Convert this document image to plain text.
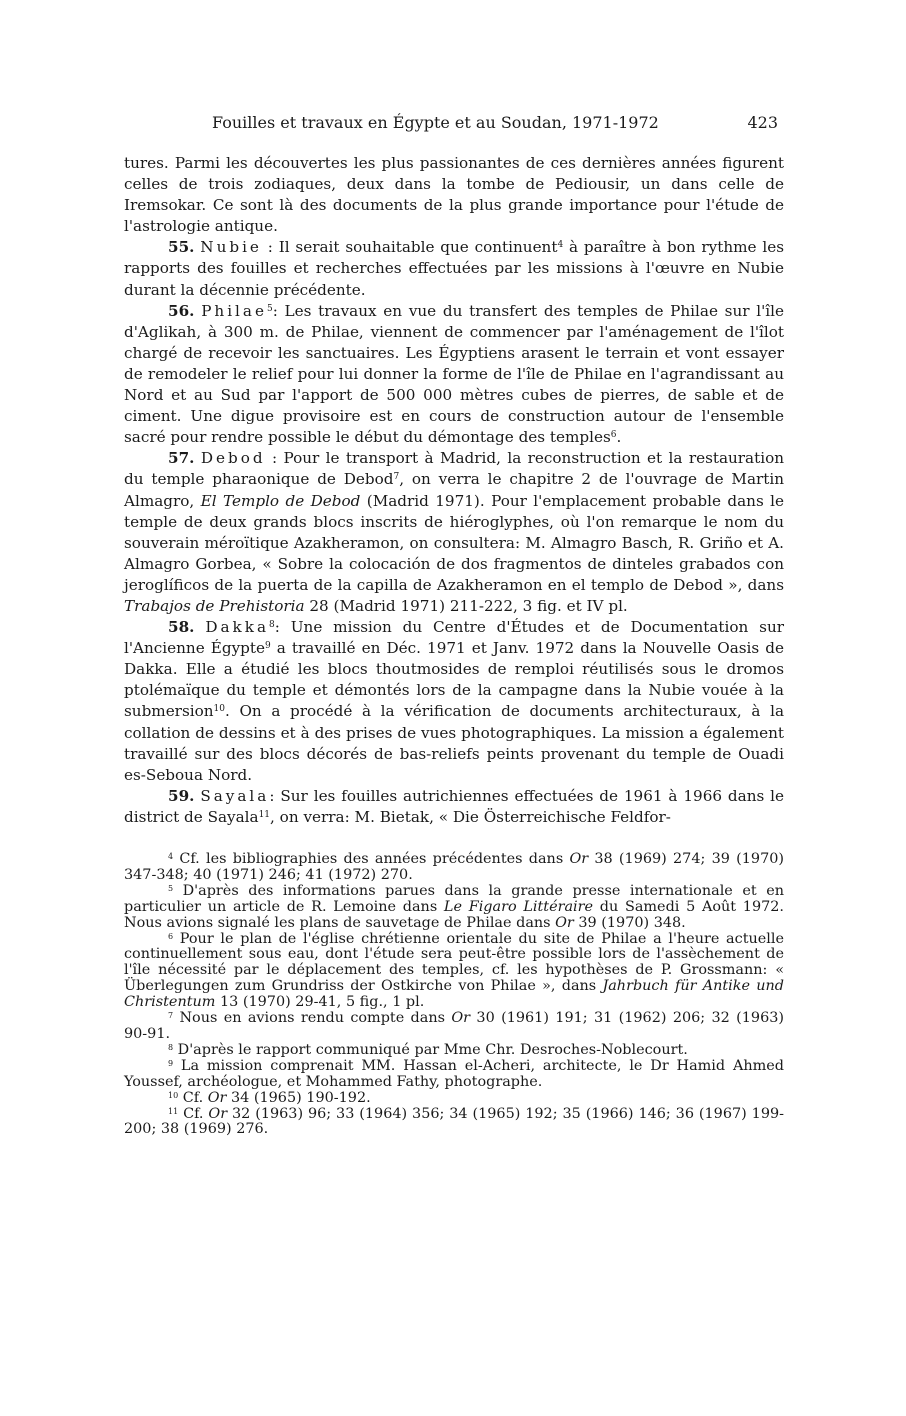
Fouilles et travaux en Égypte et au Soudan, 1971-1972	423

tures. Parmi les découvertes les plus passionantes de ces dernières années figurent celles de trois zodiaques, deux dans la tombe de Pediousir, un dans celle de Iremsokar. Ce sont là des documents de la plus grande importance pour l'étude de l'astrologie antique.

55. Nubie : Il serait souhaitable que continuent$^4$ à paraître à bon rythme les rapports des fouilles et recherches effectuées par les missions à l'œuvre en Nubie durant la décennie précédente.

56. Philae$^5$: Les travaux en vue du transfert des temples de Philae sur l'île d'Aglikah, à 300 m. de Philae, viennent de commencer par l'aménagement de l'îlot chargé de recevoir les sanctuaires. Les Égyptiens arasent le terrain et vont essayer de remodeler le relief pour lui donner la forme de l'île de Philae en l'agrandissant au Nord et au Sud par l'apport de 500 000 mètres cubes de pierres, de sable et de ciment. Une digue provisoire est en cours de construction autour de l'ensemble sacré pour rendre possible le début du démontage des temples$^6$.

57. Debod : Pour le transport à Madrid, la reconstruction et la restauration du temple pharaonique de Debod$^7$, on verra le chapitre 2 de l'ouvrage de Martin Almagro, El Templo de Debod (Madrid 1971). Pour l'emplacement probable dans le temple de deux grands blocs inscrits de hiéroglyphes, où l'on remarque le nom du souverain méroïtique Azakheramon, on consultera: M. Almagro Basch, R. Griño et A. Almagro Gorbea, « Sobre la colocación de dos fragmentos de dinteles grabados con jeroglíficos de la puerta de la capilla de Azakheramon en el templo de Debod », dans Trabajos de Prehistoria 28 (Madrid 1971) 211-222, 3 fig. et IV pl.

58. Dakka$^8$: Une mission du Centre d'Études et de Documentation sur l'Ancienne Égypte$^9$ a travaillé en Déc. 1971 et Janv. 1972 dans la Nouvelle Oasis de Dakka. Elle a étudié les blocs thoutmosides de remploi réutilisés sous le dromos ptolémaïque du temple et démontés lors de la campagne dans la Nubie vouée à la submersion$^{10}$. On a procédé à la vérification de documents architecturaux, à la collation de dessins et à des prises de vues photographiques. La mission a également travaillé sur des blocs décorés de bas-reliefs peints provenant du temple de Ouadi es-Seboua Nord.

59. Sayala: Sur les fouilles autrichiennes effectuées de 1961 à 1966 dans le district de Sayala$^{11}$, on verra: M. Bietak, « Die Österreichische Feldfor-

$^4$ Cf. les bibliographies des années précédentes dans Or 38 (1969) 274; 39 (1970) 347-348; 40 (1971) 246; 41 (1972) 270.

$^5$ D'après des informations parues dans la grande presse internationale et en particulier un article de R. Lemoine dans Le Figaro Littéraire du Samedi 5 Août 1972. Nous avions signalé les plans de sauvetage de Philae dans Or 39 (1970) 348.

$^6$ Pour le plan de l'église chrétienne orientale du site de Philae a l'heure actuelle continuellement sous eau, dont l'étude sera peut-être possible lors de l'assèchement de l'île nécessité par le déplacement des temples, cf. les hypothèses de P. Grossmann: « Überlegungen zum Grundriss der Ostkirche von Philae », dans Jahrbuch für Antike und Christentum 13 (1970) 29-41, 5 fig., 1 pl.

$^7$ Nous en avions rendu compte dans Or 30 (1961) 191; 31 (1962) 206; 32 (1963) 90-91.

$^8$ D'après le rapport communiqué par Mme Chr. Desroches-Noblecourt.

$^9$ La mission comprenait MM. Hassan el-Acheri, architecte, le Dr Hamid Ahmed Youssef, archéologue, et Mohammed Fathy, photographe.

$^{10}$ Cf. Or 34 (1965) 190-192.

$^{11}$ Cf. Or 32 (1963) 96; 33 (1964) 356; 34 (1965) 192; 35 (1966) 146; 36 (1967) 199-200; 38 (1969) 276.
